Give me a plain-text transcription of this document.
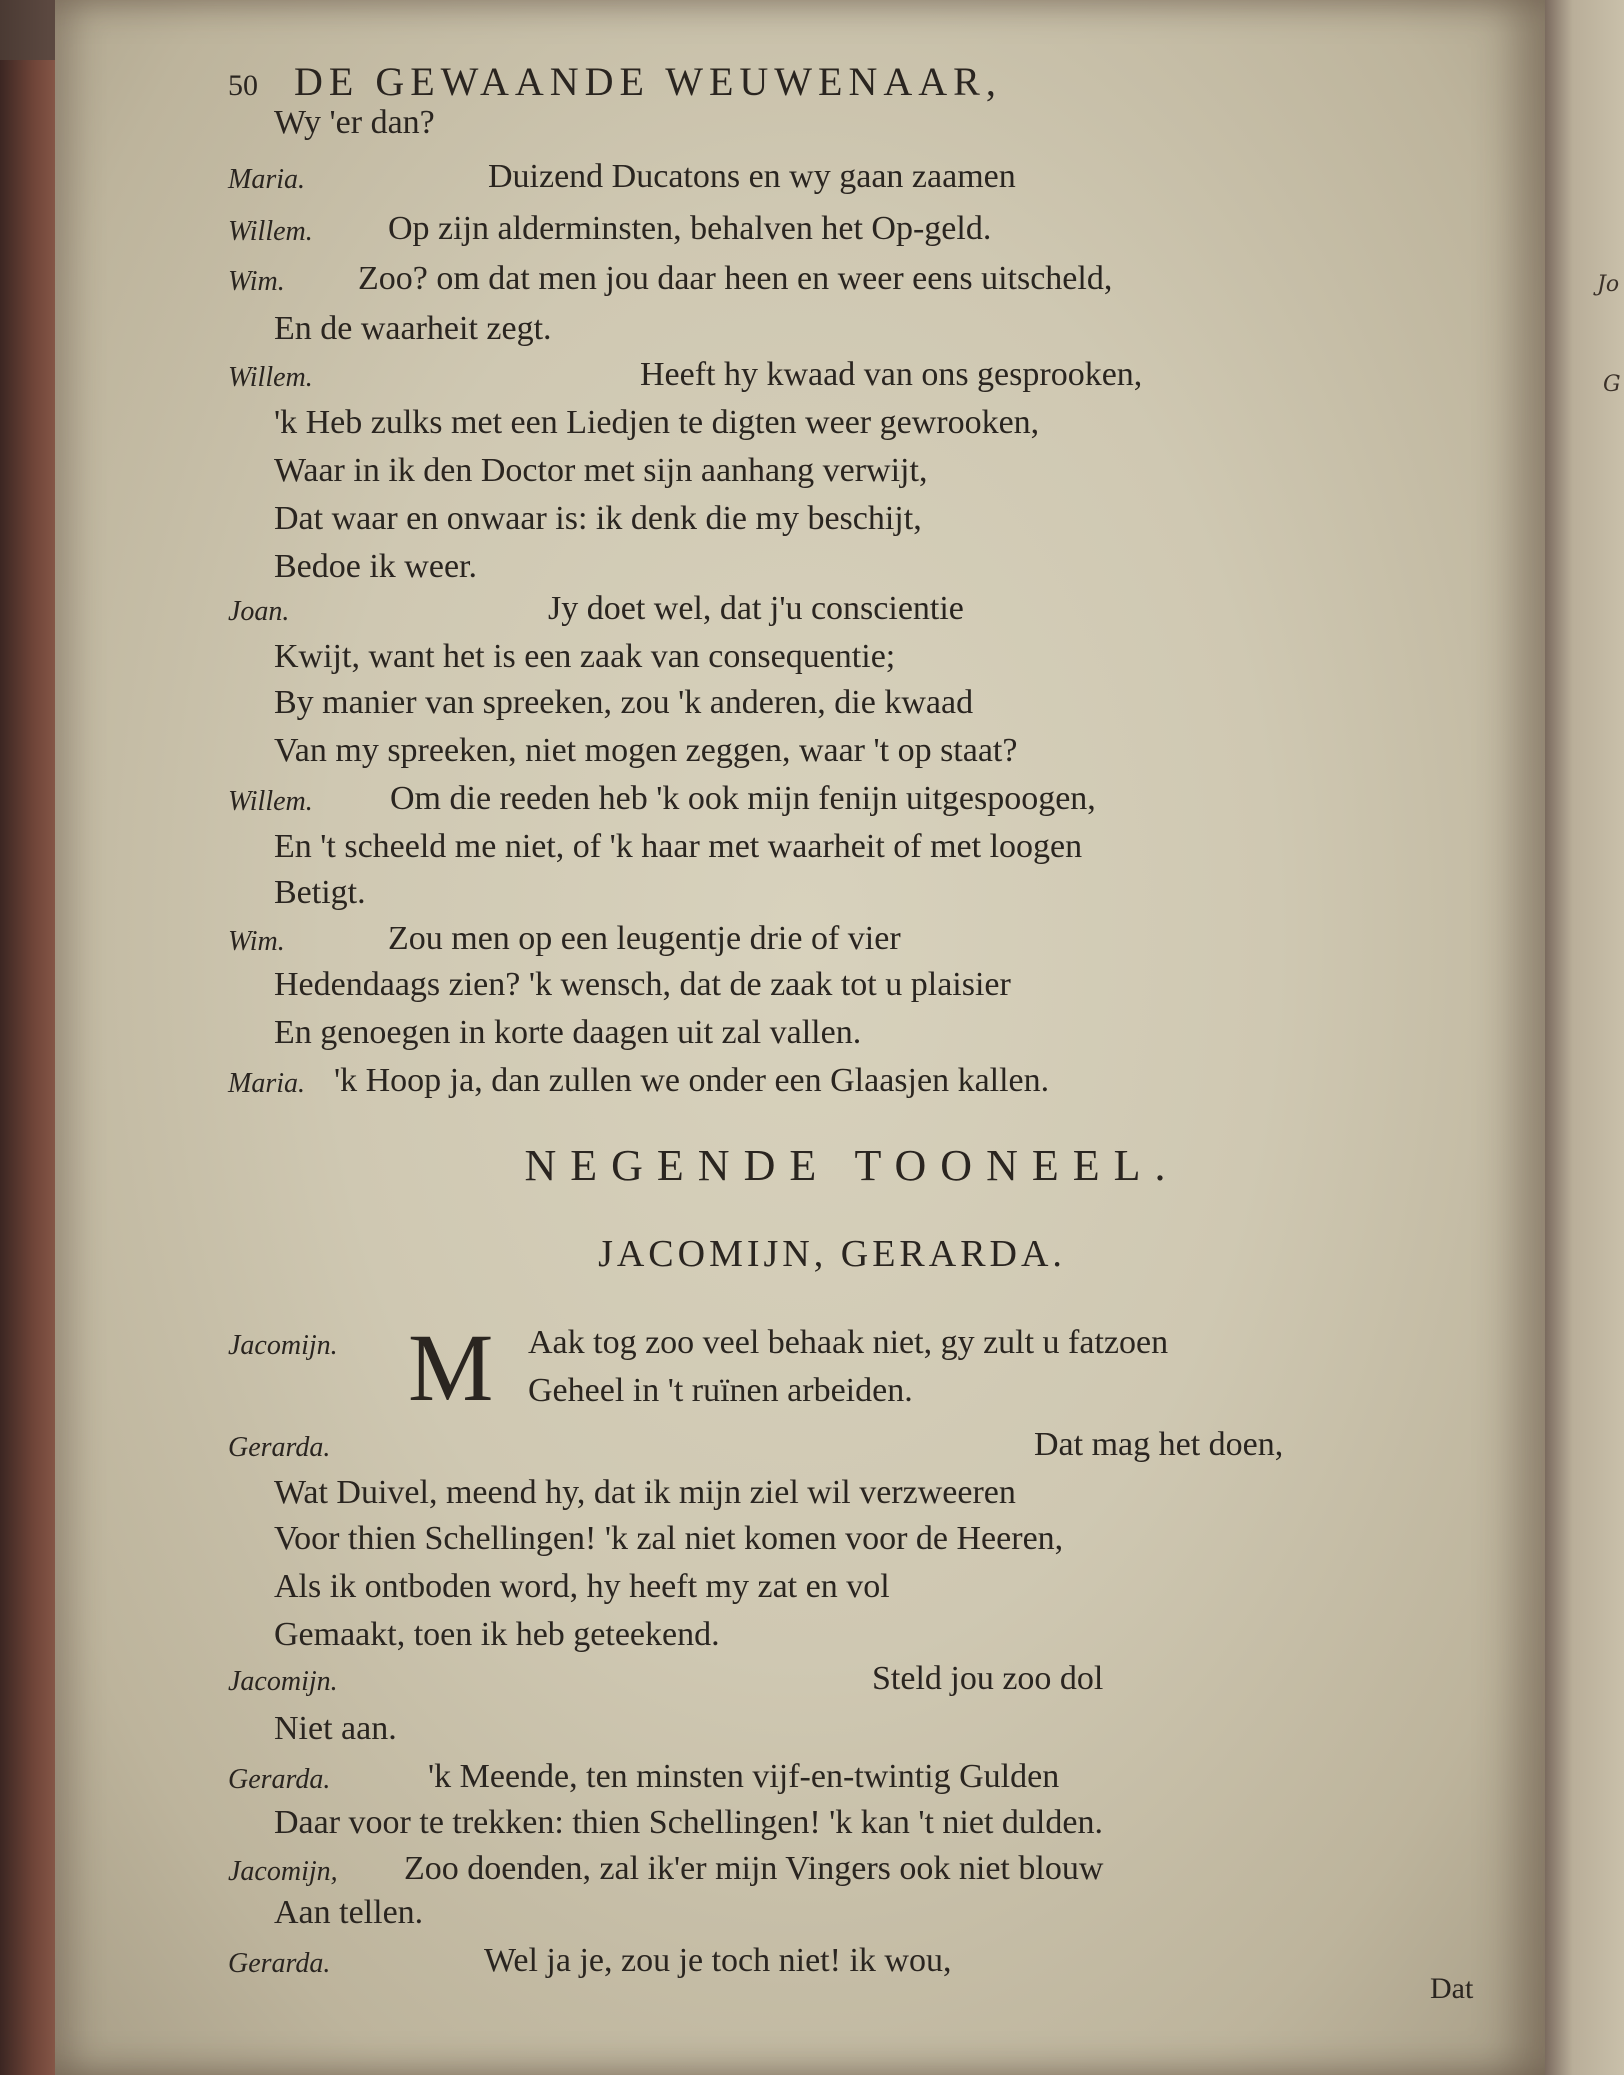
Jo
G
50 DE GEWAANDE WEUWENAAR,
Wy 'er dan?
Maria.	Duizend Ducatons en wy gaan zaamen
Willem. Op zijn alderminsten, behalven het Op-geld.
Wim. Zoo? om dat men jou daar heen en weer eens uitscheld,
En de waarheit zegt.
Willem.	Heeft hy kwaad van ons gesprooken,
'k Heb zulks met een Liedjen te digten weer gewrooken,
Waar in ik den Doctor met sijn aanhang verwijt,
Dat waar en onwaar is: ik denk die my beschijt,
Bedoe ik weer.
Joan.	Jy doet wel, dat j'u conscientie
Kwijt, want het is een zaak van consequentie;
By manier van spreeken, zou 'k anderen, die kwaad
Van my spreeken, niet mogen zeggen, waar 't op staat?
Willem. Om die reeden heb 'k ook mijn fenijn uitgespoogen,
En 't scheeld me niet, of 'k haar met waarheit of met loogen
Betigt.
Wim.	Zou men op een leugentje drie of vier
Hedendaags zien? 'k wensch, dat de zaak tot u plaisier
En genoegen in korte daagen uit zal vallen.
Maria. 'k Hoop ja, dan zullen we onder een Glaasjen kallen.
NEGENDE TOONEEL.
JACOMIJN, GERARDA.
M
Jacomijn.	Aak tog zoo veel behaak niet, gy zult u fatzoen
Geheel in 't ruïnen arbeiden.
Gerarda.	Dat mag het doen,
Wat Duivel, meend hy, dat ik mijn ziel wil verzweeren
Voor thien Schellingen! 'k zal niet komen voor de Heeren,
Als ik ontboden word, hy heeft my zat en vol
Gemaakt, toen ik heb geteekend.
Jacomijn.	Steld jou zoo dol
Niet aan.
Gerarda.	'k Meende, ten minsten vijf-en-twintig Gulden
Daar voor te trekken: thien Schellingen! 'k kan 't niet dulden.
Jacomijn, Zoo doenden, zal ik'er mijn Vingers ook niet blouw
Aan tellen.
Gerarda.	Wel ja je, zou je toch niet! ik wou,
Dat
